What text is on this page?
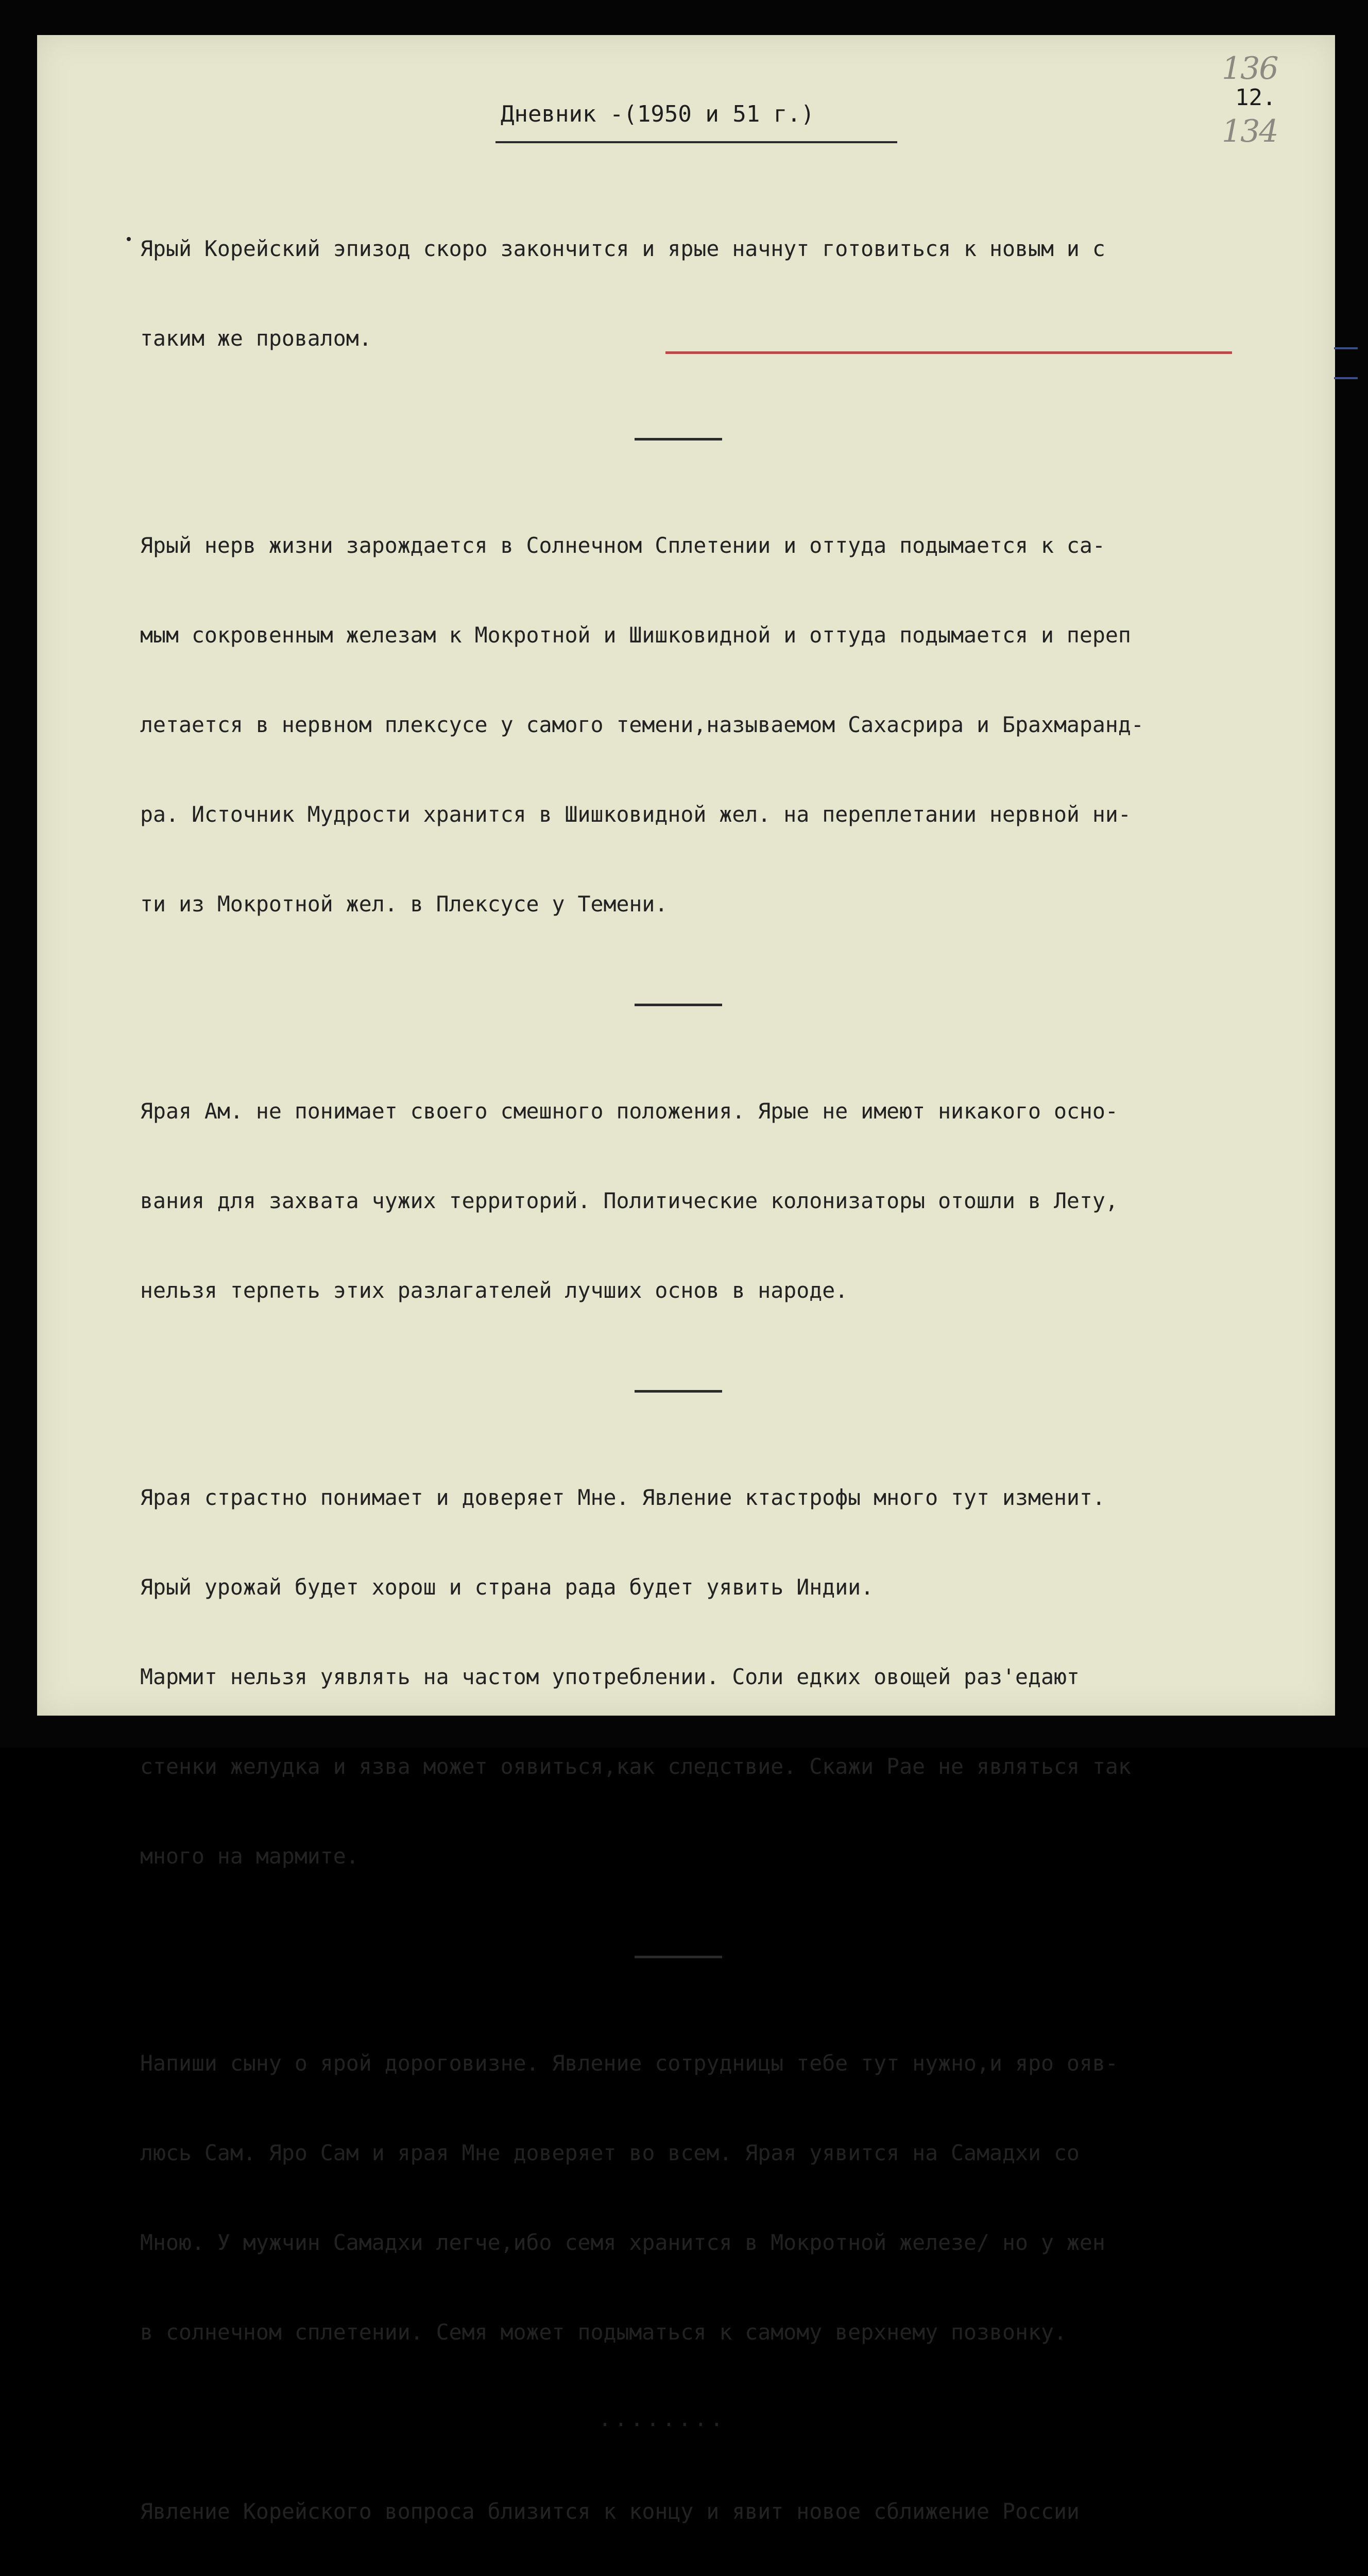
136
12.
134
Дневник -(1950 и 51 г.)

Ярый Корейский эпизод скоро закончится и ярые начнут готовиться к новым и с

таким же провалом.

Ярый нерв жизни зарождается в Солнечном Сплетении и оттуда подымается к са-

мым сокровенным железам к Мокротной и Шишковидной и оттуда подымается и переп

летается в нервном плексусе у самого темени,называемом Сахасрира и Брахмаранд-

ра. Источник Мудрости хранится в Шишковидной жел. на переплетании нервной ни-

ти из Мокротной жел. в Плексусе у Темени.

Ярая Ам. не понимает своего смешного положения. Ярые не имеют никакого осно-

вания для захвата чужих территорий. Политические колонизаторы отошли в Лету,

нельзя терпеть этих разлагателей лучших основ в народе.

Ярая страстно понимает и доверяет Мне. Явление ктастрофы много тут изменит.

Ярый урожай будет хорош и страна рада будет уявить Индии.

Мармит нельзя уявлять на частом употреблении. Соли едких овощей раз'едают

стенки желудка и язва может оявиться,как следствие. Скажи Рае не являться так

много на мармите.

Напиши сыну о ярой дороговизне. Явление сотрудницы тебе тут нужно,и яро ояв-

люсь Сам. Яро Сам и ярая Мне доверяет во всем. Ярая уявится на Самадхи со

Мною. У мужчин Самадхи легче,ибо семя хранится в Мокротной железе/ но у жен

в солнечном сплетении. Семя может подыматься к самому верхнему позвонку.

........

Явление Корейского вопроса близится к концу и явит новое сближение России
